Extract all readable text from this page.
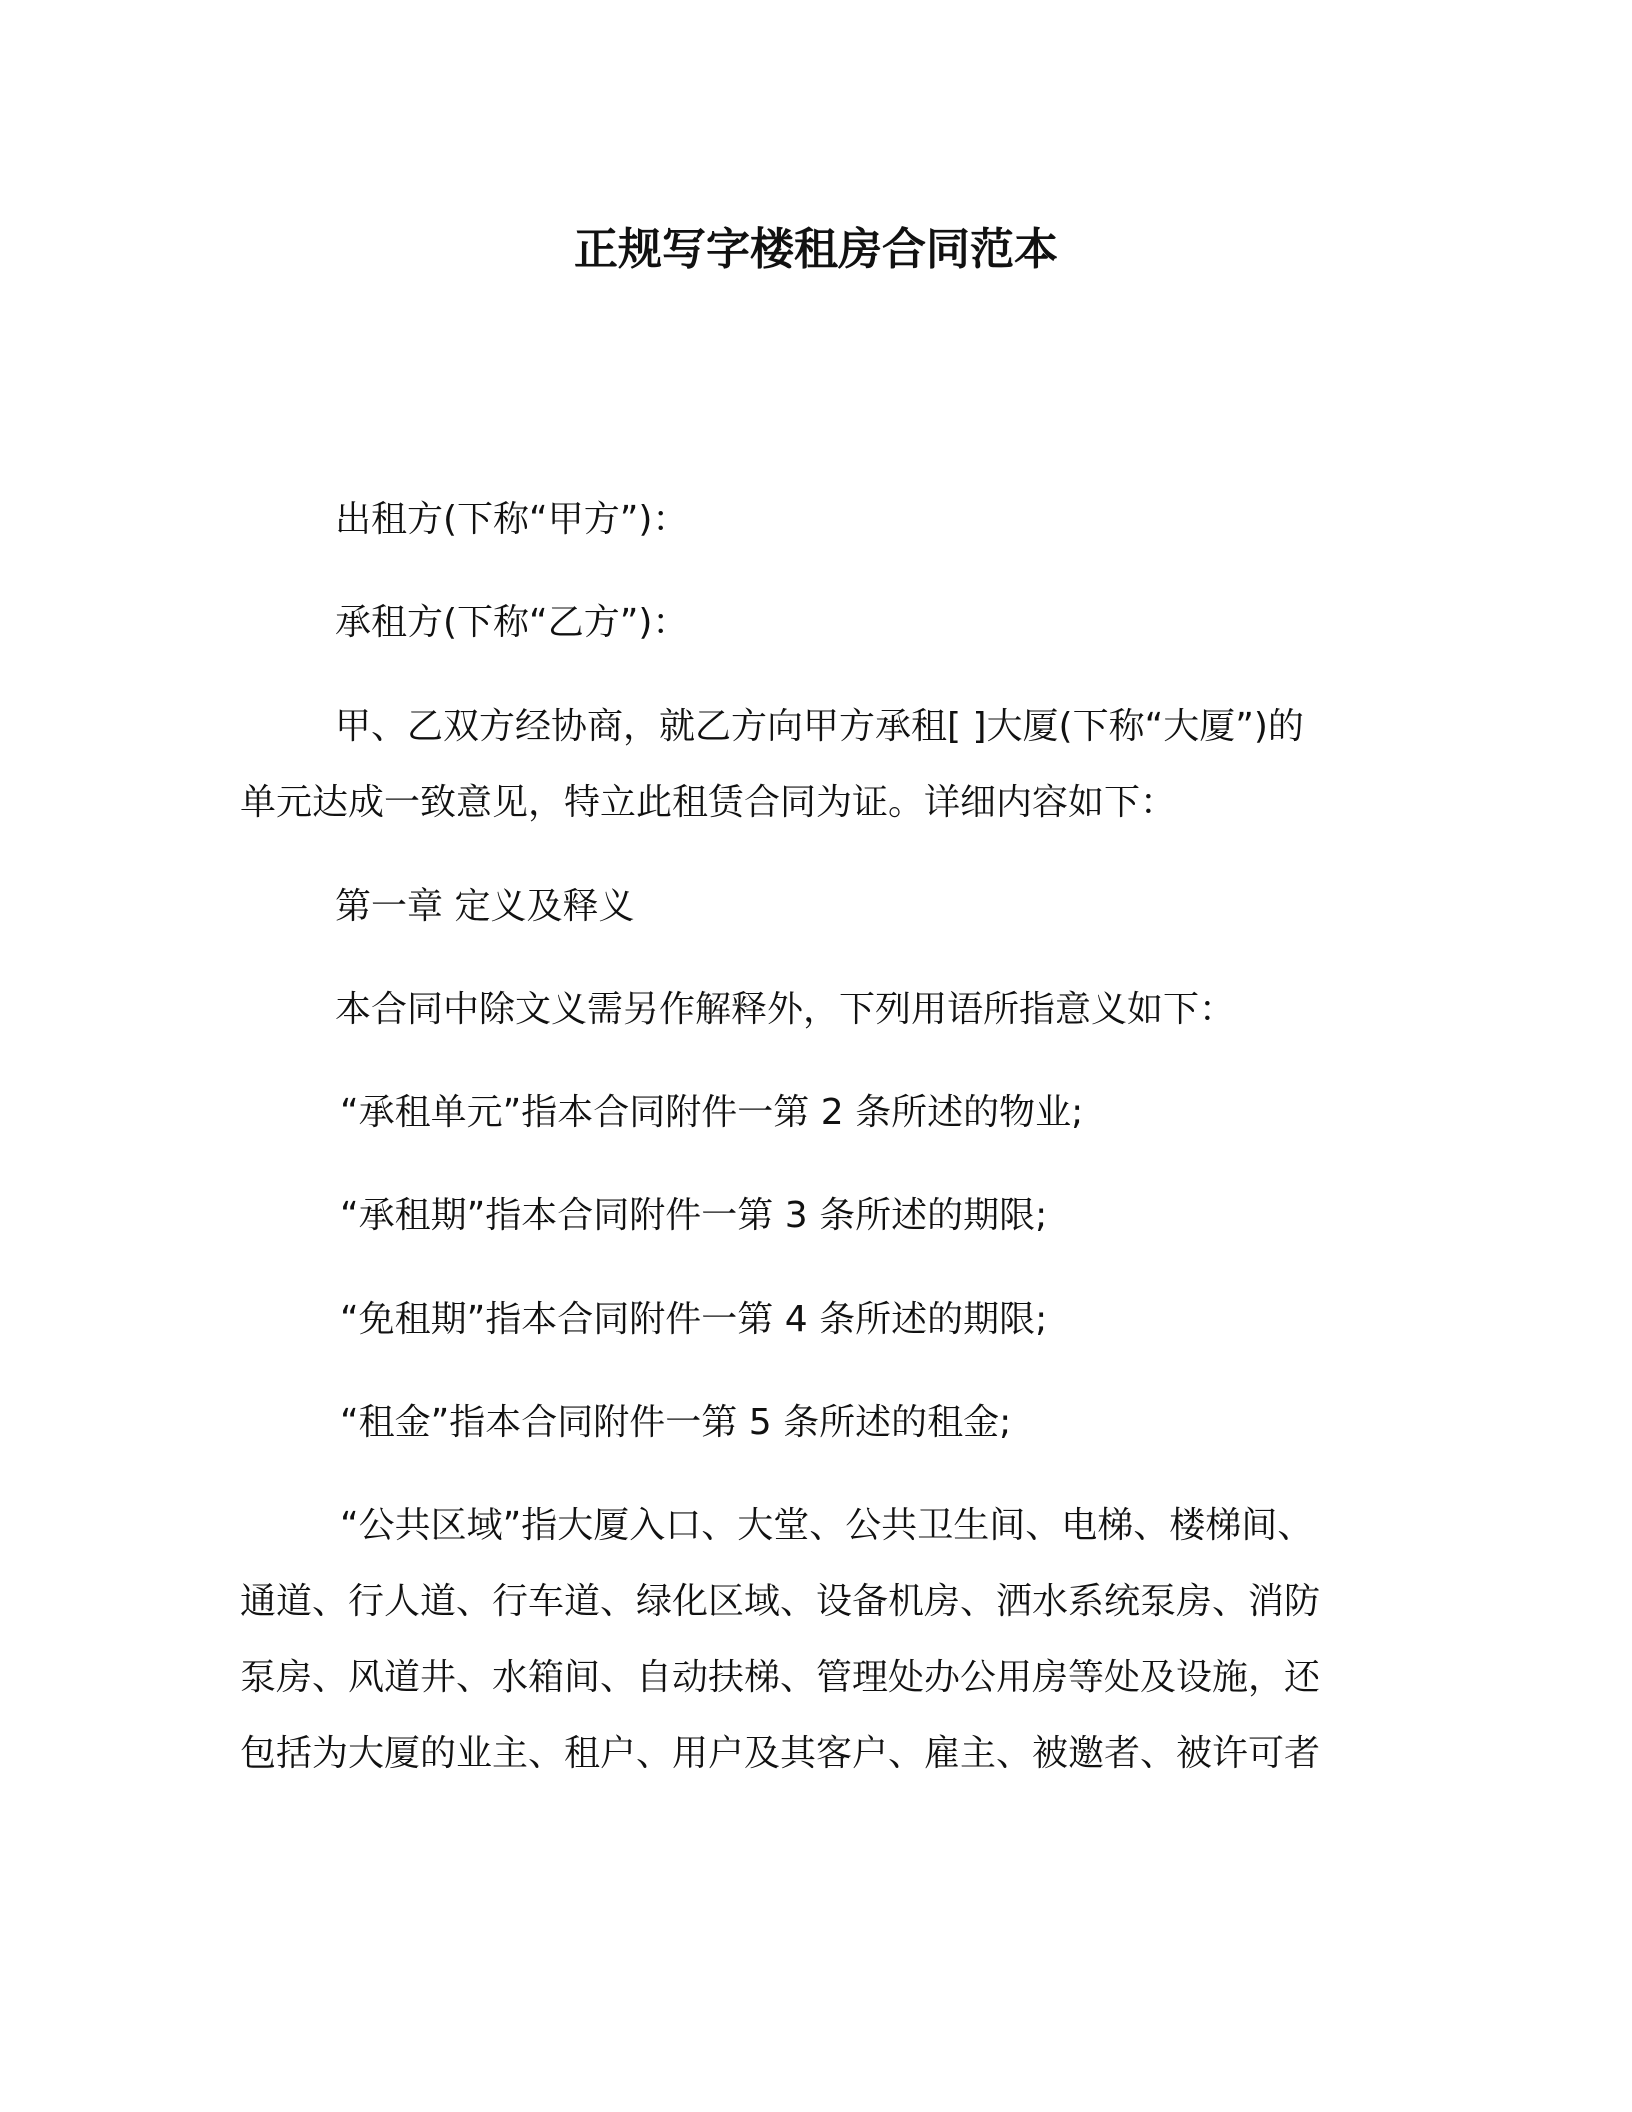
正规写字楼租房合同范本
出租方(下称“甲方”)：
承租方(下称“乙方”)：
甲、乙双方经协商，就乙方向甲方承租[ ]大厦(下称“大厦”)的
单元达成一致意见，特立此租赁合同为证。详细内容如下：
第一章 定义及释义
本合同中除文义需另作解释外，下列用语所指意义如下：
“承租单元”指本合同附件一第 2 条所述的物业;
“承租期”指本合同附件一第 3 条所述的期限;
“免租期”指本合同附件一第 4 条所述的期限;
“租金”指本合同附件一第 5 条所述的租金;
“公共区域”指大厦入口、大堂、公共卫生间、电梯、楼梯间、
通道、行人道、行车道、绿化区域、设备机房、洒水系统泵房、消防
泵房、风道井、水箱间、自动扶梯、管理处办公用房等处及设施，还
包括为大厦的业主、租户、用户及其客户、雇主、被邀者、被许可者
